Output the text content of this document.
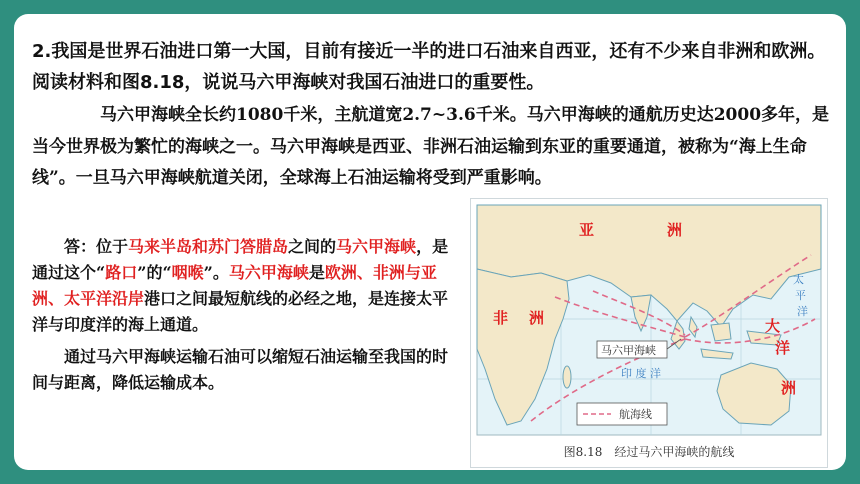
2.我国是世界石油进口第一大国，目前有接近一半的进口石油来自西亚，还有不少来自非洲和欧洲。阅读材料和图8.18，说说马六甲海峡对我国石油进口的重要性。

马六甲海峡全长约1080千米，主航道宽2.7~3.6千米。马六甲海峡的通航历史达2000多年，是当今世界极为繁忙的海峡之一。马六甲海峡是西亚、非洲石油运输到东亚的重要通道，被称为“海上生命线”。一旦马六甲海峡航道关闭，全球海上石油运输将受到严重影响。

答：位于马来半岛和苏门答腊岛之间的马六甲海峡，是通过这个“路口”的“咽喉”。马六甲海峡是欧洲、非洲与亚洲、太平洋沿岸港口之间最短航线的必经之地，是连接太平洋与印度洋的海上通道。

通过马六甲海峡运输石油可以缩短石油运输至我国的时间与距离，降低运输成本。

亚	洲
非 洲	大
洋
洲
太
平
洋
印 度 洋
马六甲海峡
航海线
图8.18 经过马六甲海峡的航线
